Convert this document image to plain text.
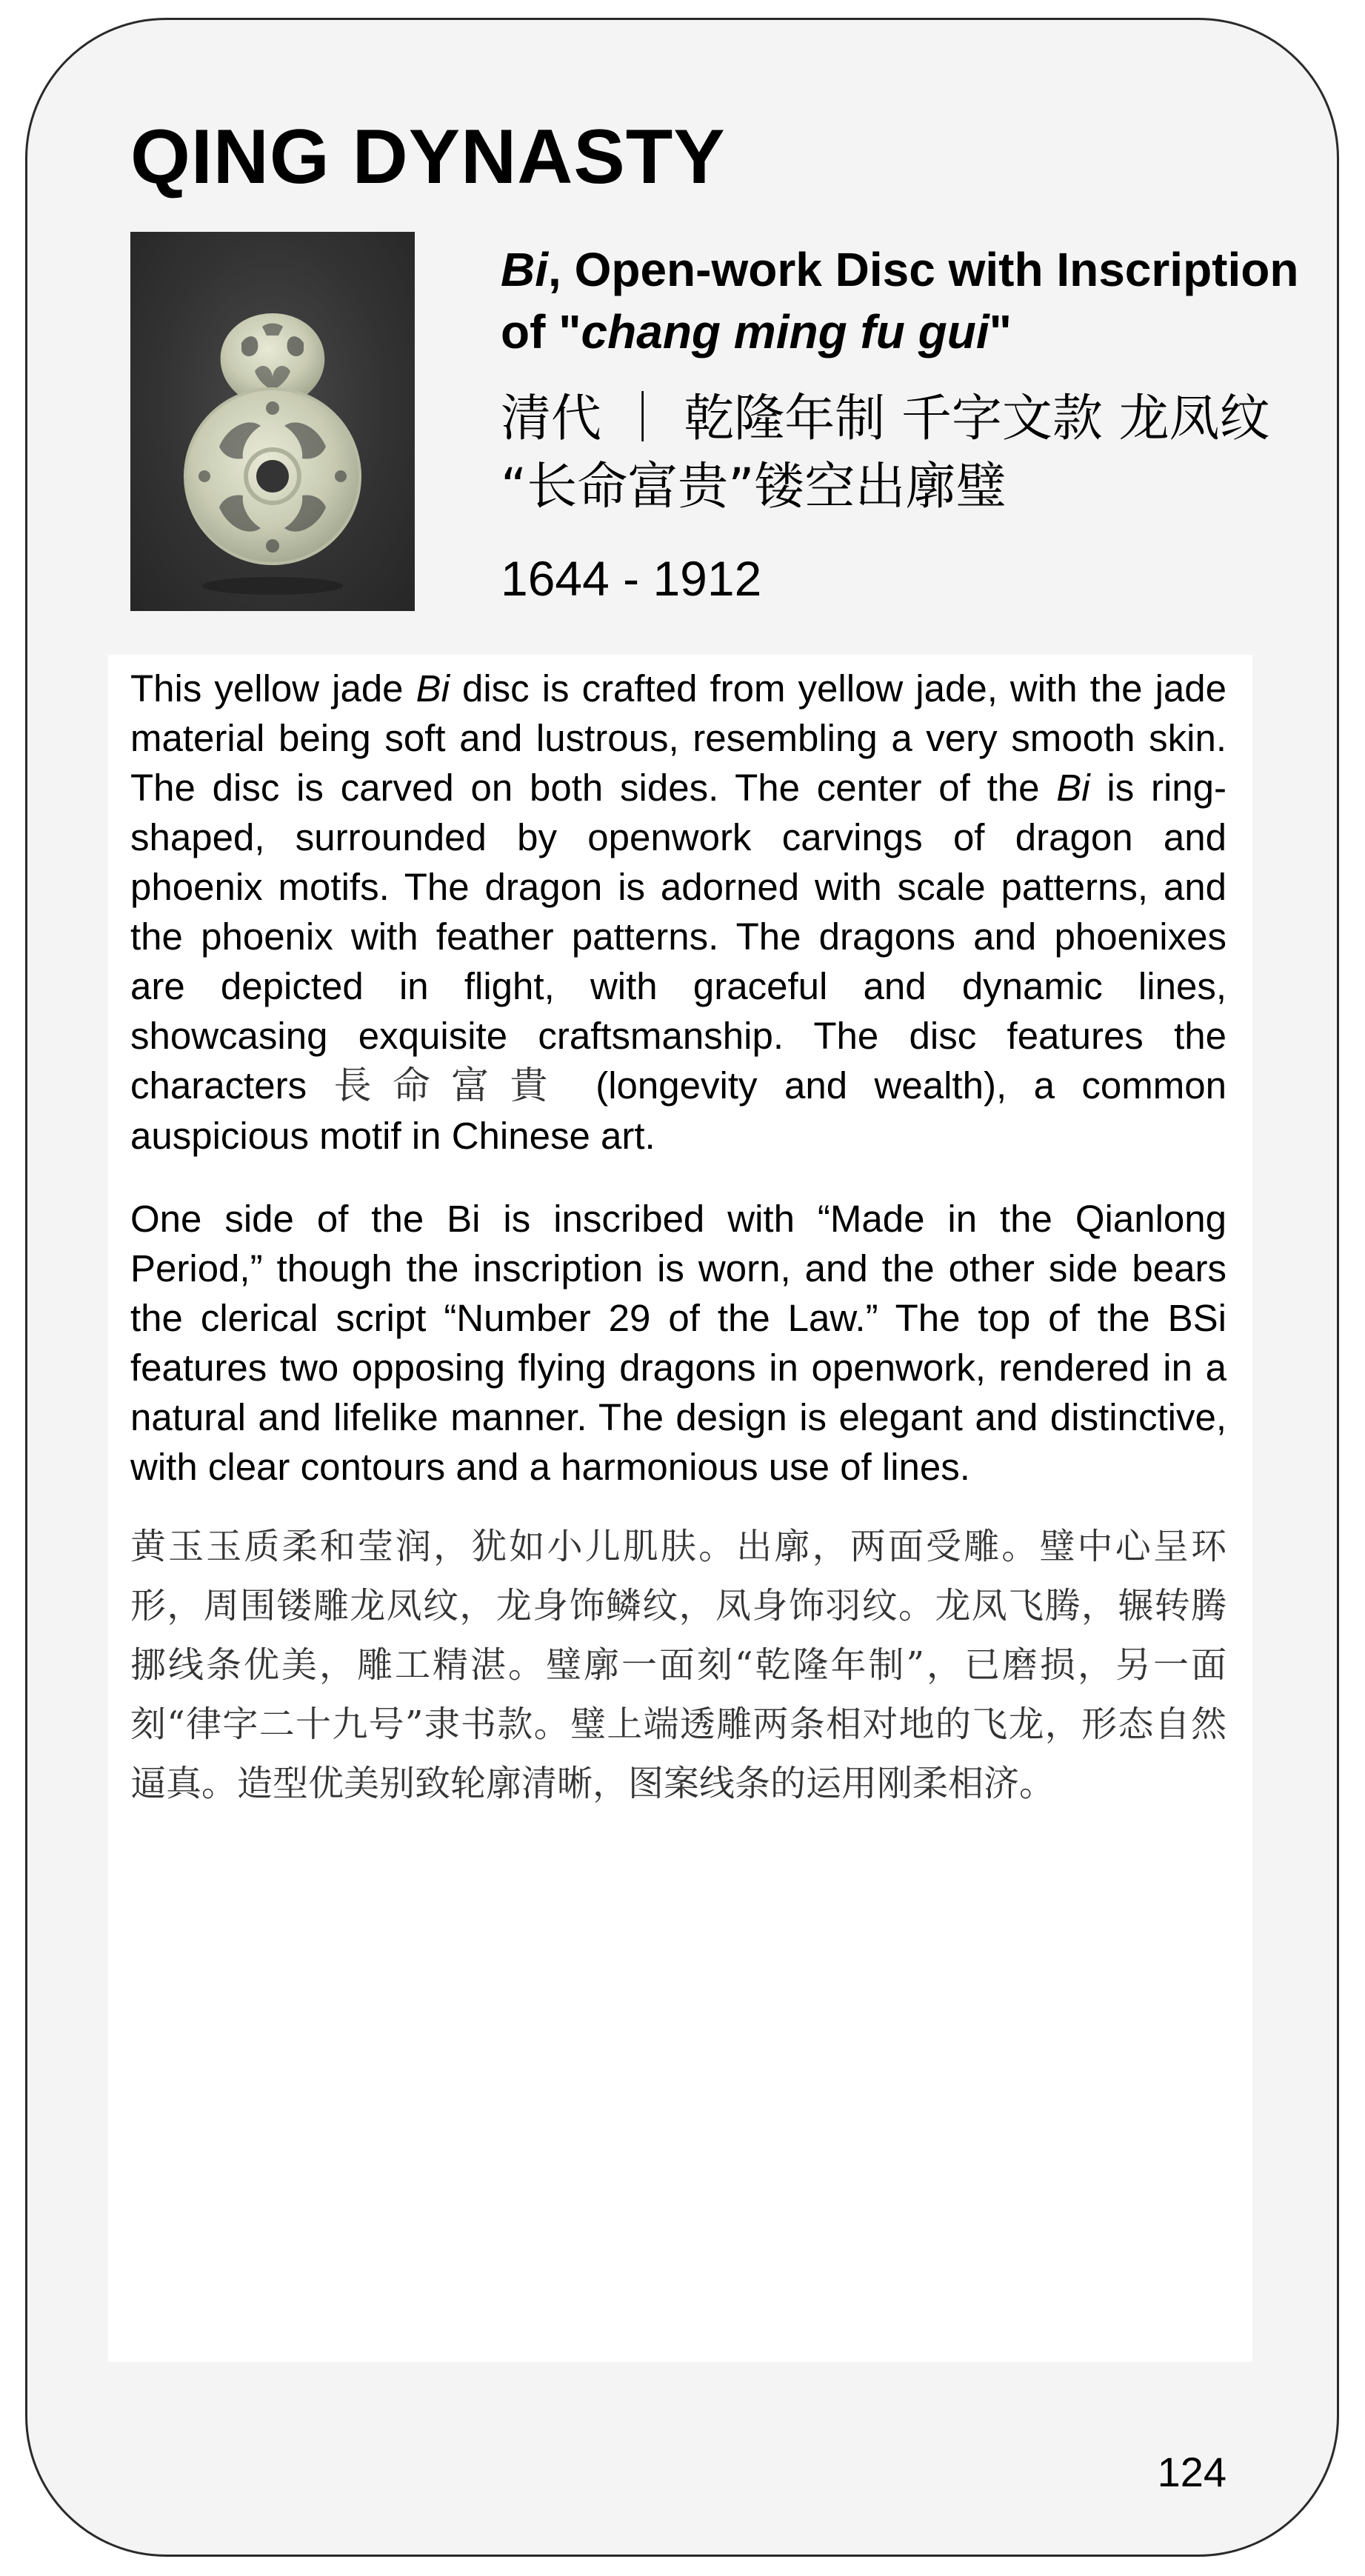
QING DYNASTY
Bi, Open-work Disc with Inscription of "chang ming fu gui"
清代 ｜ 乾隆年制 千字文款 龙凤纹
“长命富贵”镂空出廓璧
1644 - 1912

This yellow jade Bi disc is crafted from yellow jade, with the jade material being soft and lustrous, resembling a very smooth skin. The disc is carved on both sides. The center of the Bi is ring-shaped, surrounded by openwork carvings of dragon and phoenix motifs. The dragon is adorned with scale patterns, and the phoenix with feather patterns. The dragons and phoenixes are depicted in flight, with graceful and dynamic lines, showcasing exquisite craftsmanship. The disc features the characters 長命富貴 (longevity and wealth), a common auspicious motif in Chinese art.

One side of the Bi is inscribed with “Made in the Qianlong Period,” though the inscription is worn, and the other side bears the clerical script “Number 29 of the Law.” The top of the BSi features two opposing flying dragons in openwork, rendered in a natural and lifelike manner. The design is elegant and distinctive, with clear contours and a harmonious use of lines.

黄玉玉质柔和莹润，犹如小儿肌肤。出廓，两面受雕。璧中心呈环形，周围镂雕龙凤纹，龙身饰鳞纹，凤身饰羽纹。龙凤飞腾，辗转腾挪线条优美，雕工精湛。璧廓一面刻“乾隆年制”，已磨损，另一面刻“律字二十九号”隶书款。璧上端透雕两条相对地的飞龙，形态自然逼真。造型优美别致轮廓清晰，图案线条的运用刚柔相济。

124
